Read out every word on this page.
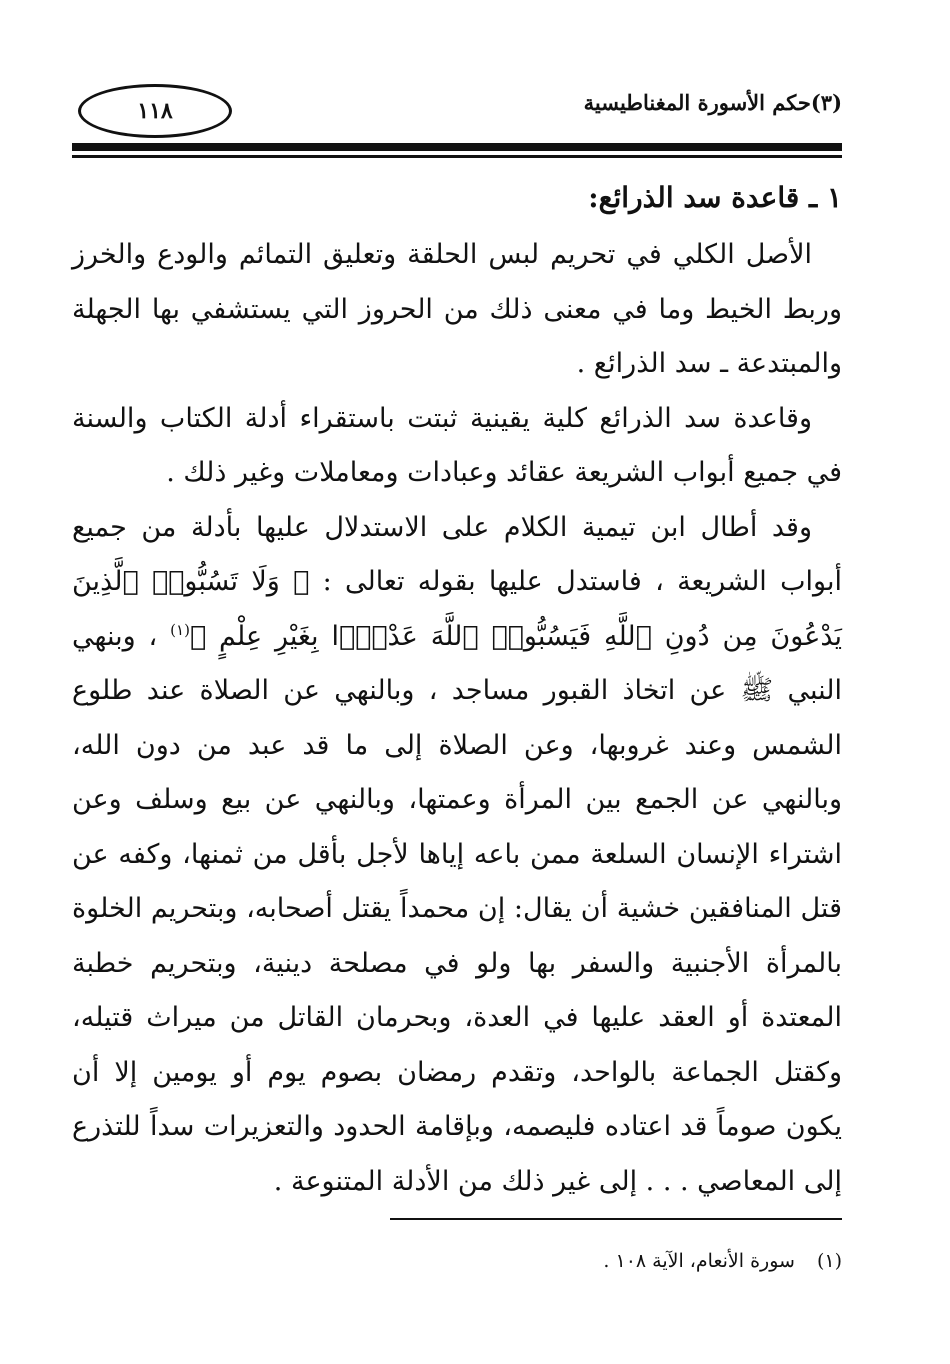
(٣)حكم الأسورة المغناطيسية
١١٨

١ ـ قاعدة سد الذرائع:

الأصل الكلي في تحريم لبس الحلقة وتعليق التمائم والودع والخرز وربط الخيط وما في معنى ذلك من الحروز التي يستشفي بها الجهلة والمبتدعة ـ سد الذرائع .

وقاعدة سد الذرائع كلية يقينية ثبتت باستقراء أدلة الكتاب والسنة في جميع أبواب الشريعة عقائد وعبادات ومعاملات وغير ذلك .

وقد أطال ابن تيمية الكلام على الاستدلال عليها بأدلة من جميع أبواب الشريعة ، فاستدل عليها بقوله تعالى : ﴿ وَلَا تَسُبُّوا۟ ٱلَّذِينَ يَدْعُونَ مِن دُونِ ٱللَّهِ فَيَسُبُّوا۟ ٱللَّهَ عَدْوًۢا بِغَيْرِ عِلْمٍ ﴾$^{(١)}$ ، وبنهي النبي ﷺ عن اتخاذ القبور مساجد ، وبالنهي عن الصلاة عند طلوع الشمس وعند غروبها، وعن الصلاة إلى ما قد عبد من دون الله، وبالنهي عن الجمع بين المرأة وعمتها، وبالنهي عن بيع وسلف وعن اشتراء الإنسان السلعة ممن باعه إياها لأجل بأقل من ثمنها، وكفه عن قتل المنافقين خشية أن يقال: إن محمداً يقتل أصحابه، وبتحريم الخلوة بالمرأة الأجنبية والسفر بها ولو في مصلحة دينية، وبتحريم خطبة المعتدة أو العقد عليها في العدة، وبحرمان القاتل من ميراث قتيله، وكقتل الجماعة بالواحد، وتقدم رمضان بصوم يوم أو يومين إلا أن يكون صوماً قد اعتاده فليصمه، وبإقامة الحدود والتعزيرات سداً للتذرع إلى المعاصي . . . إلى غير ذلك من الأدلة المتنوعة .

(١)سورة الأنعام، الآية ١٠٨ .
